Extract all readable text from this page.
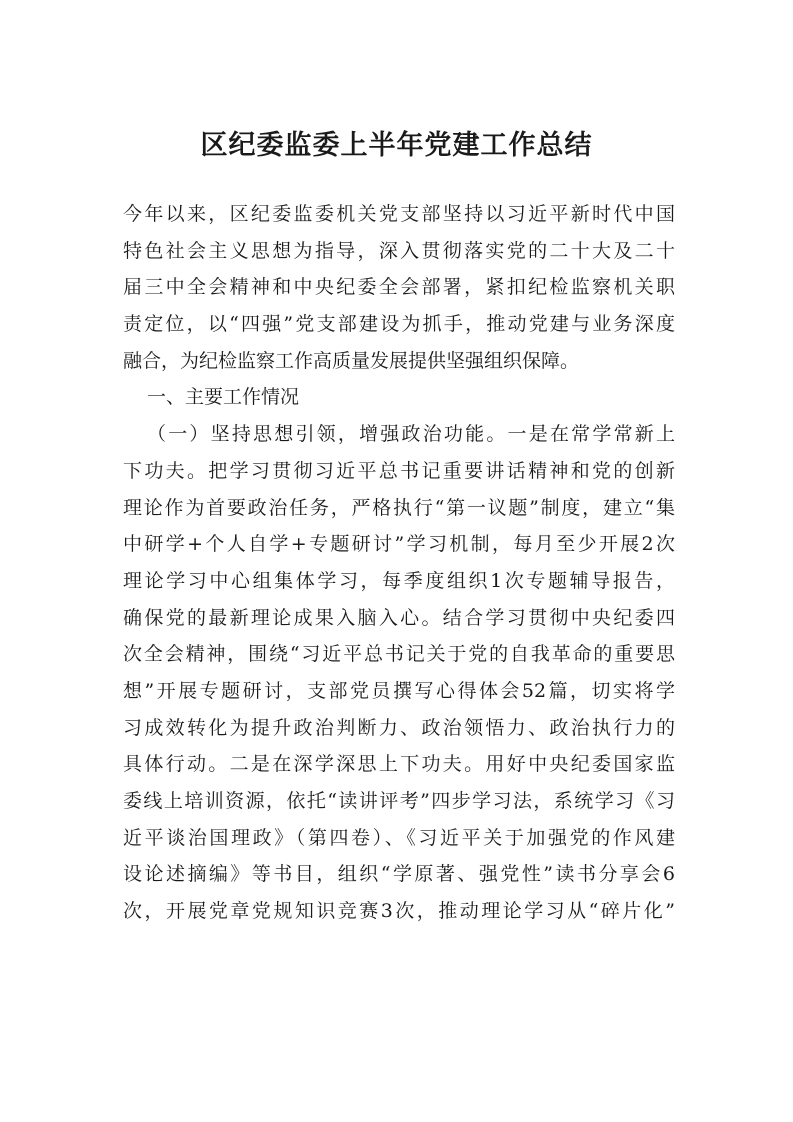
区纪委监委上半年党建工作总结
今年以来，区纪委监委机关党支部坚持以习近平新时代中国
特色社会主义思想为指导，深入贯彻落实党的二十大及二十
届三中全会精神和中央纪委全会部署，紧扣纪检监察机关职
责定位，以“四强”党支部建设为抓手，推动党建与业务深度
融合，为纪检监察工作高质量发展提供坚强组织保障。
一、主要工作情况
（一）坚持思想引领，增强政治功能。一是在常学常新上
下功夫。把学习贯彻习近平总书记重要讲话精神和党的创新
理论作为首要政治任务，严格执行“第一议题”制度，建立“集
中研学+个人自学+专题研讨”学习机制，每月至少开展2次
理论学习中心组集体学习，每季度组织1次专题辅导报告，
确保党的最新理论成果入脑入心。结合学习贯彻中央纪委四
次全会精神，围绕“习近平总书记关于党的自我革命的重要思
想”开展专题研讨，支部党员撰写心得体会52篇，切实将学
习成效转化为提升政治判断力、政治领悟力、政治执行力的
具体行动。二是在深学深思上下功夫。用好中央纪委国家监
委线上培训资源，依托“读讲评考”四步学习法，系统学习《习
近平谈治国理政》（第四卷）、《习近平关于加强党的作风建
设论述摘编》等书目，组织“学原著、强党性”读书分享会6
次，开展党章党规知识竞赛3次，推动理论学习从“碎片化”
